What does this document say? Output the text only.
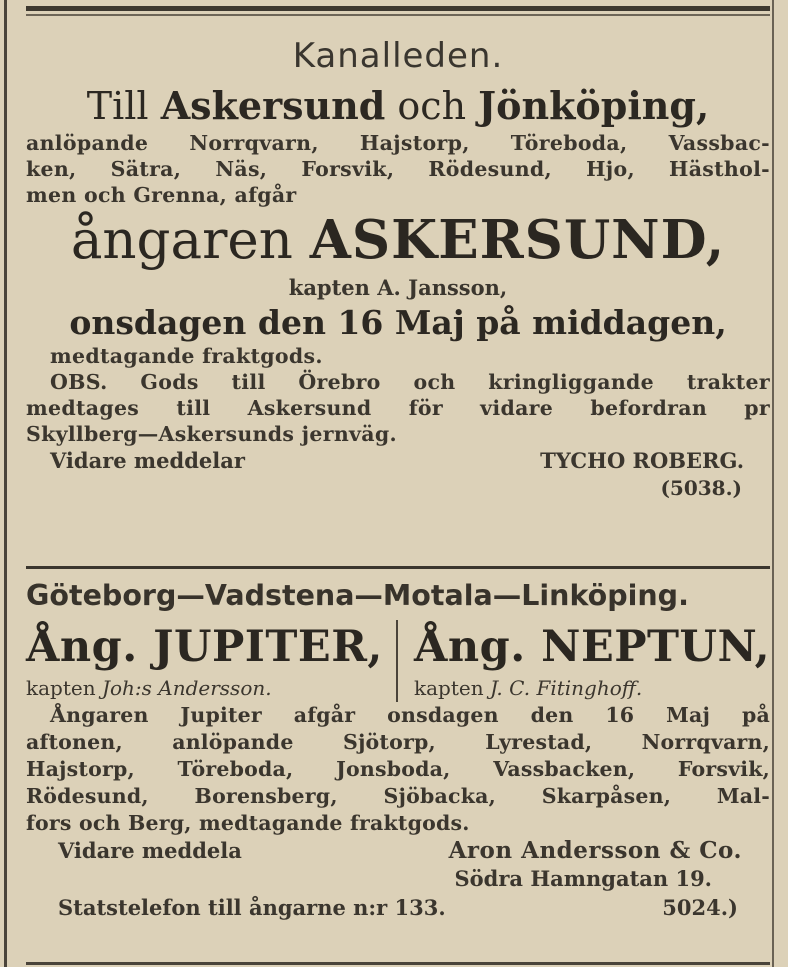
Kanalleden.
Till Askersund och Jönköping,
anlöpande Norrqvarn, Hajstorp, Töreboda, Vassbac-
ken, Sätra, Näs, Forsvik, Rödesund, Hjo, Hästhol-
men och Grenna, afgår
ångaren ASKERSUND,
kapten A. Jansson,
onsdagen den 16 Maj på middagen,
medtagande fraktgods.
OBS. Gods till Örebro och kringliggande trakter
medtages till Askersund för vidare befordran pr
Skyllberg—Askersunds jernväg.
Vidare meddelar	TYCHO ROBERG.
(5038.)
Göteborg—Vadstena—Motala—Linköping.
Ång. JUPITER,
kapten Joh:s Andersson.
Ång. NEPTUN,
kapten J. C. Fitinghoff.
Ångaren Jupiter afgår onsdagen den 16 Maj på
aftonen, anlöpande Sjötorp, Lyrestad, Norrqvarn,
Hajstorp, Töreboda, Jonsboda, Vassbacken, Forsvik,
Rödesund, Borensberg, Sjöbacka, Skarpåsen, Mal-
fors och Berg, medtagande fraktgods.
Vidare meddela	Aron Andersson & Co.
Södra Hamngatan 19.
Statstelefon till ångarne n:r 133.	5024.)
